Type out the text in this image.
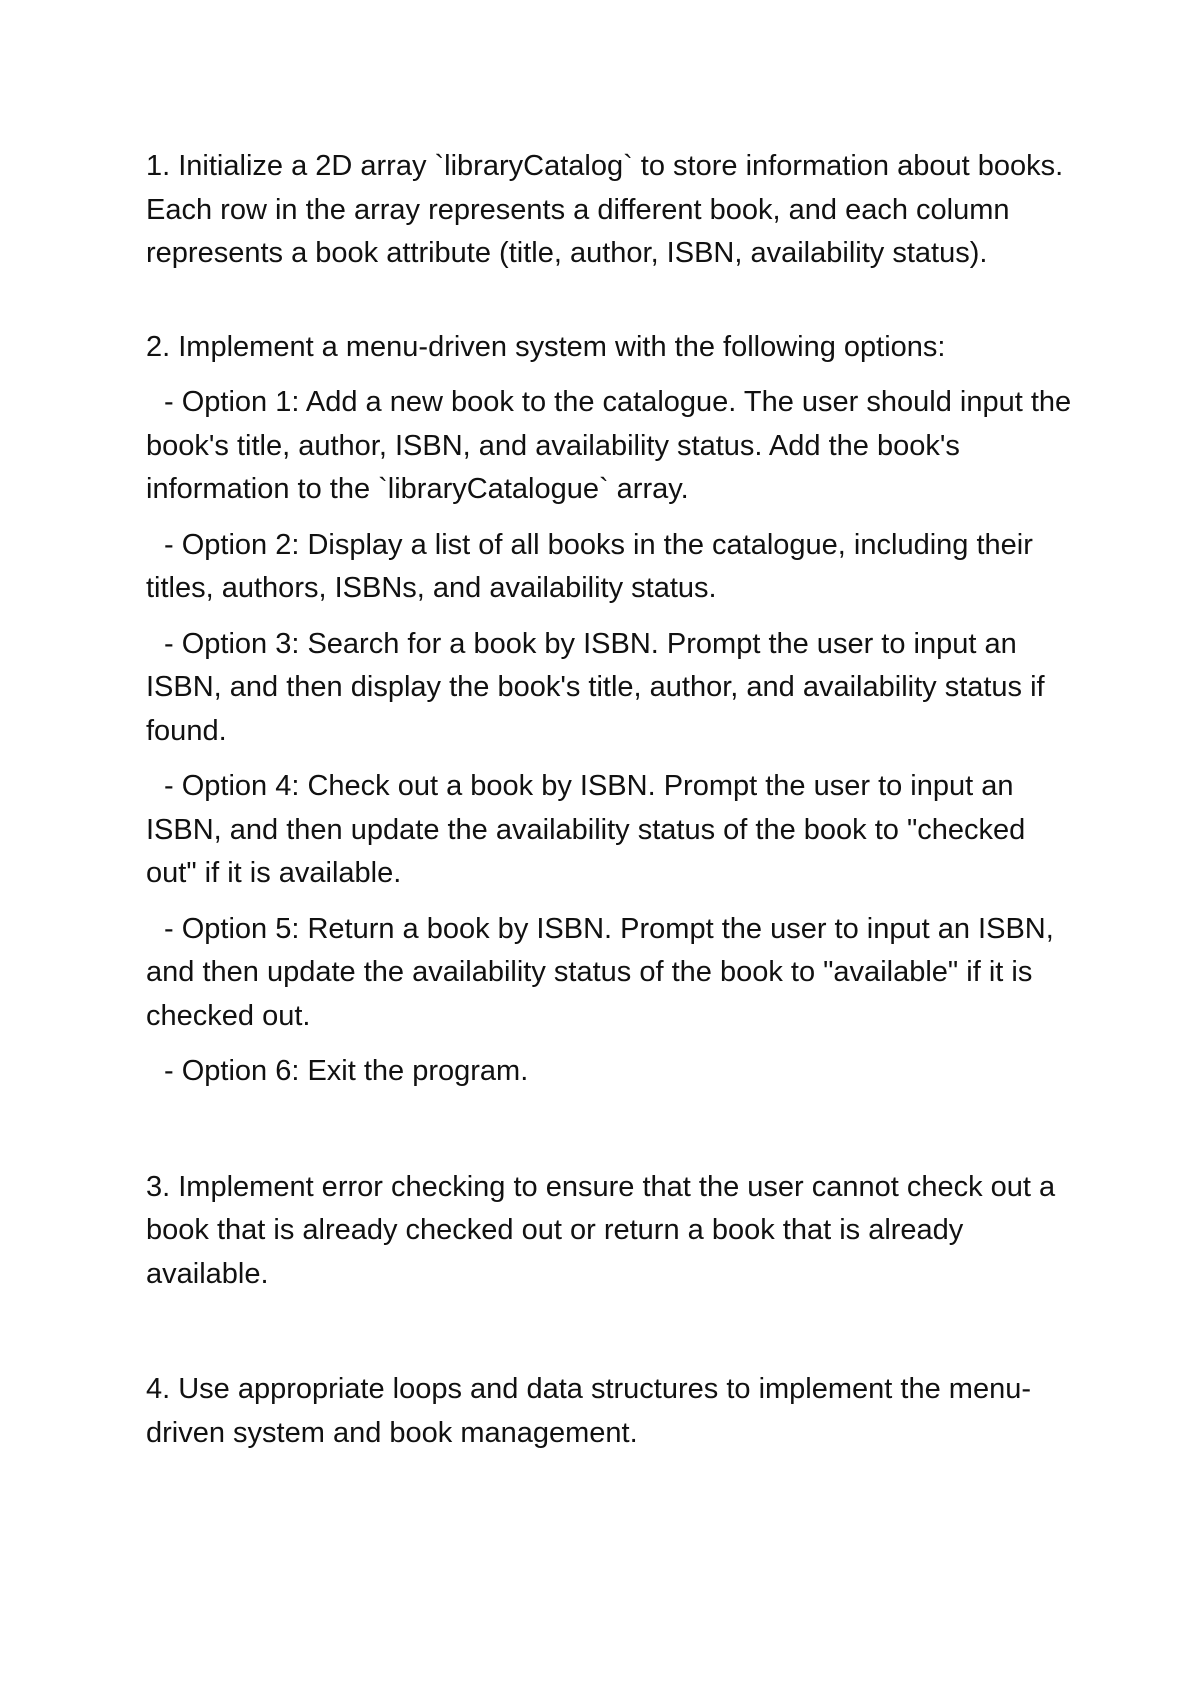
1. Initialize a 2D array `libraryCatalog` to store information about books. Each row in the array represents a different book, and each column represents a book attribute (title, author, ISBN, availability status).

2. Implement a menu-driven system with the following options:

- Option 1: Add a new book to the catalogue. The user should input the book's title, author, ISBN, and availability status. Add the book's information to the `libraryCatalogue` array.

- Option 2: Display a list of all books in the catalogue, including their titles, authors, ISBNs, and availability status.

- Option 3: Search for a book by ISBN. Prompt the user to input an ISBN, and then display the book's title, author, and availability status if found.

- Option 4: Check out a book by ISBN. Prompt the user to input an ISBN, and then update the availability status of the book to "checked out" if it is available.

- Option 5: Return a book by ISBN. Prompt the user to input an ISBN, and then update the availability status of the book to "available" if it is checked out.

- Option 6: Exit the program.

3. Implement error checking to ensure that the user cannot check out a book that is already checked out or return a book that is already available.

4. Use appropriate loops and data structures to implement the menu-driven system and book management.
